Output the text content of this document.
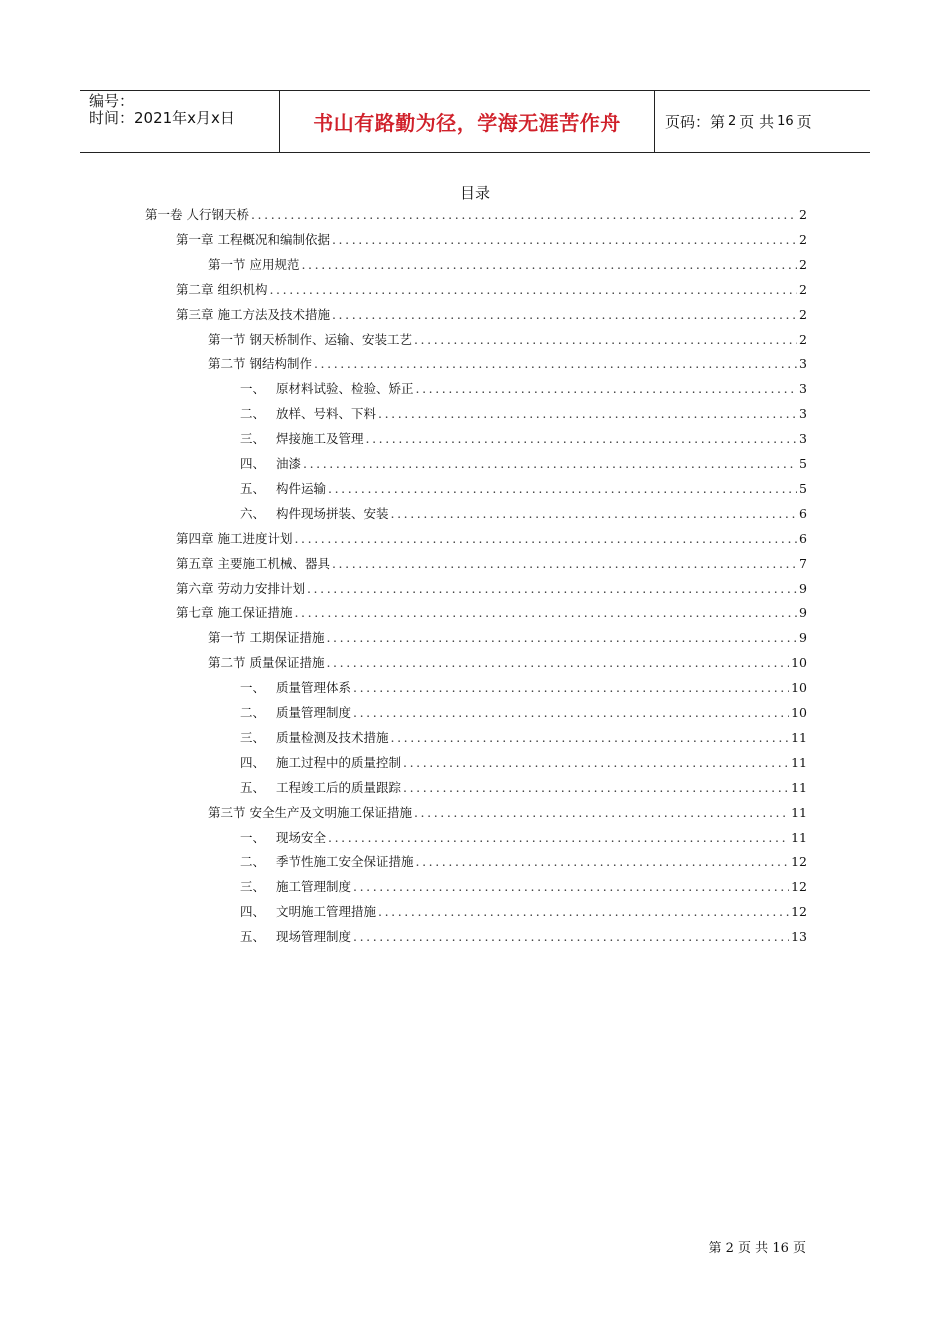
编号：
时间：2021年x月x日	书山有路勤为径，学海无涯苦作舟	页码：第 2 页 共 16 页
目录
第一卷 人行钢天桥 .....	2
第一章 工程概况和编制依据 .....	2
第一节 应用规范 .....	2
第二章 组织机构 .....	2
第三章 施工方法及技术措施 .....	2
第一节 钢天桥制作、运输、安装工艺 .....	2
第二节 钢结构制作 .....	3
一、 原材料试验、检验、矫正 .....	3
二、 放样、号料、下料 .....	3
三、 焊接施工及管理 .....	3
四、 油漆 .....	5
五、 构件运输 .....	5
六、 构件现场拼装、安装 .....	6
第四章 施工进度计划 .....	6
第五章 主要施工机械、器具 .....	7
第六章 劳动力安排计划 .....	9
第七章 施工保证措施 .....	9
第一节 工期保证措施 .....	9
第二节 质量保证措施 .....	10
一、 质量管理体系 .....	10
二、 质量管理制度 .....	10
三、 质量检测及技术措施 .....	11
四、 施工过程中的质量控制 .....	11
五、 工程竣工后的质量跟踪 .....	11
第三节 安全生产及文明施工保证措施 .....	11
一、 现场安全 .....	11
二、 季节性施工安全保证措施 .....	12
三、 施工管理制度 .....	12
四、 文明施工管理措施 .....	12
五、 现场管理制度 .....	13
第 2 页 共 16 页
